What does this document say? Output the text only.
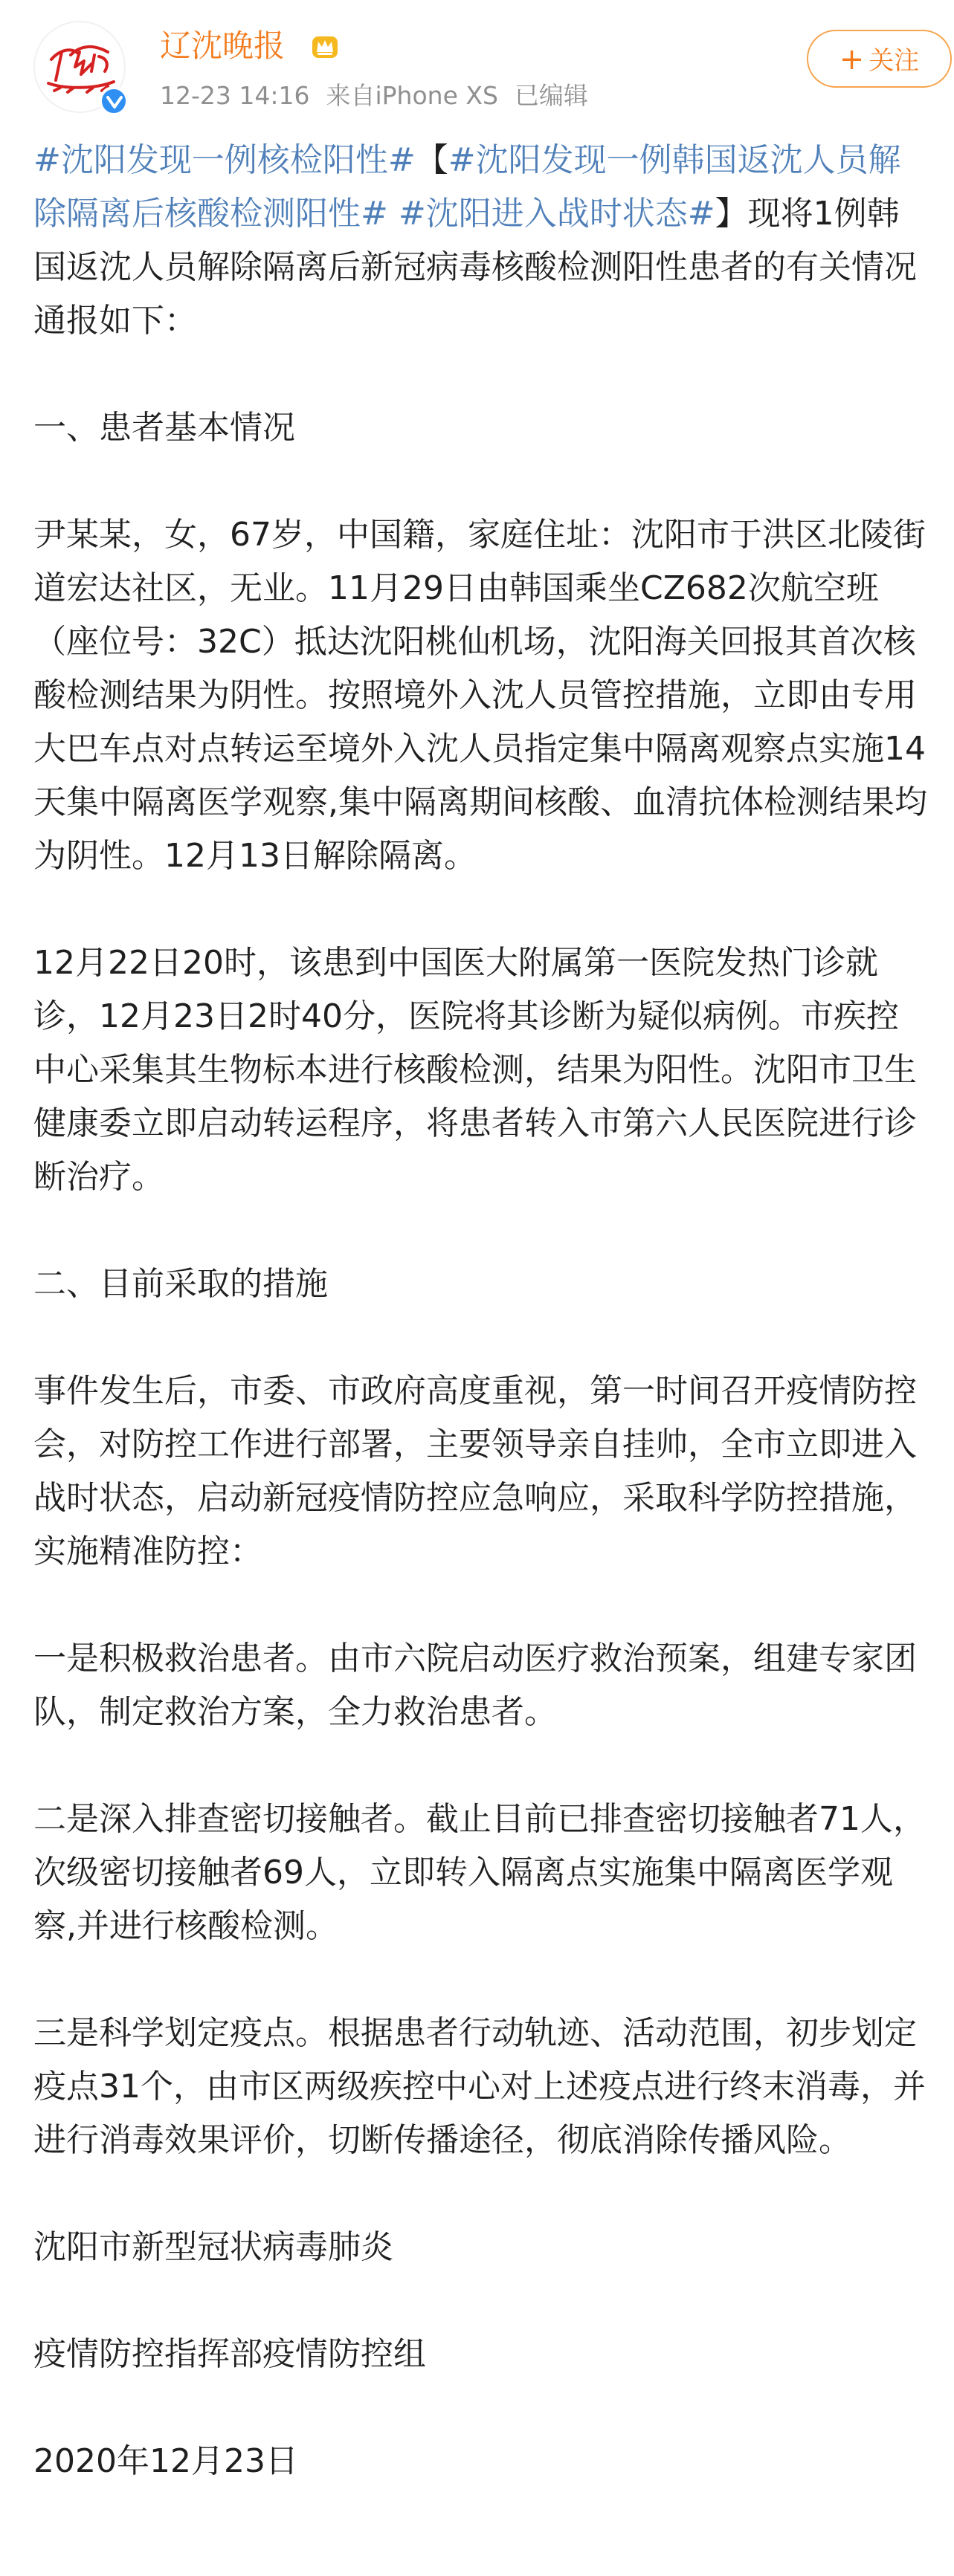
辽沈晚报
12-23 14:16 来自iPhone XS 已编辑
+ 关注

#沈阳发现一例核检阳性#【#沈阳发现一例韩国返沈人员解除隔离后核酸检测阳性# #沈阳进入战时状态#】现将1例韩国返沈人员解除隔离后新冠病毒核酸检测阳性患者的有关情况通报如下：

一、患者基本情况

尹某某，女，67岁，中国籍，家庭住址：沈阳市于洪区北陵街道宏达社区，无业。11月29日由韩国乘坐CZ682次航空班（座位号：32C）抵达沈阳桃仙机场，沈阳海关回报其首次核酸检测结果为阴性。按照境外入沈人员管控措施，立即由专用大巴车点对点转运至境外入沈人员指定集中隔离观察点实施14天集中隔离医学观察,集中隔离期间核酸、血清抗体检测结果均为阴性。12月13日解除隔离。

12月22日20时，该患到中国医大附属第一医院发热门诊就诊，12月23日2时40分，医院将其诊断为疑似病例。市疾控中心采集其生物标本进行核酸检测，结果为阳性。沈阳市卫生健康委立即启动转运程序，将患者转入市第六人民医院进行诊断治疗。

二、目前采取的措施

事件发生后，市委、市政府高度重视，第一时间召开疫情防控会，对防控工作进行部署，主要领导亲自挂帅，全市立即进入战时状态，启动新冠疫情防控应急响应，采取科学防控措施，实施精准防控：

一是积极救治患者。由市六院启动医疗救治预案，组建专家团队，制定救治方案，全力救治患者。

二是深入排查密切接触者。截止目前已排查密切接触者71人，次级密切接触者69人，立即转入隔离点实施集中隔离医学观察,并进行核酸检测。

三是科学划定疫点。根据患者行动轨迹、活动范围，初步划定疫点31个，由市区两级疾控中心对上述疫点进行终末消毒，并进行消毒效果评价，切断传播途径，彻底消除传播风险。

沈阳市新型冠状病毒肺炎

疫情防控指挥部疫情防控组

2020年12月23日
